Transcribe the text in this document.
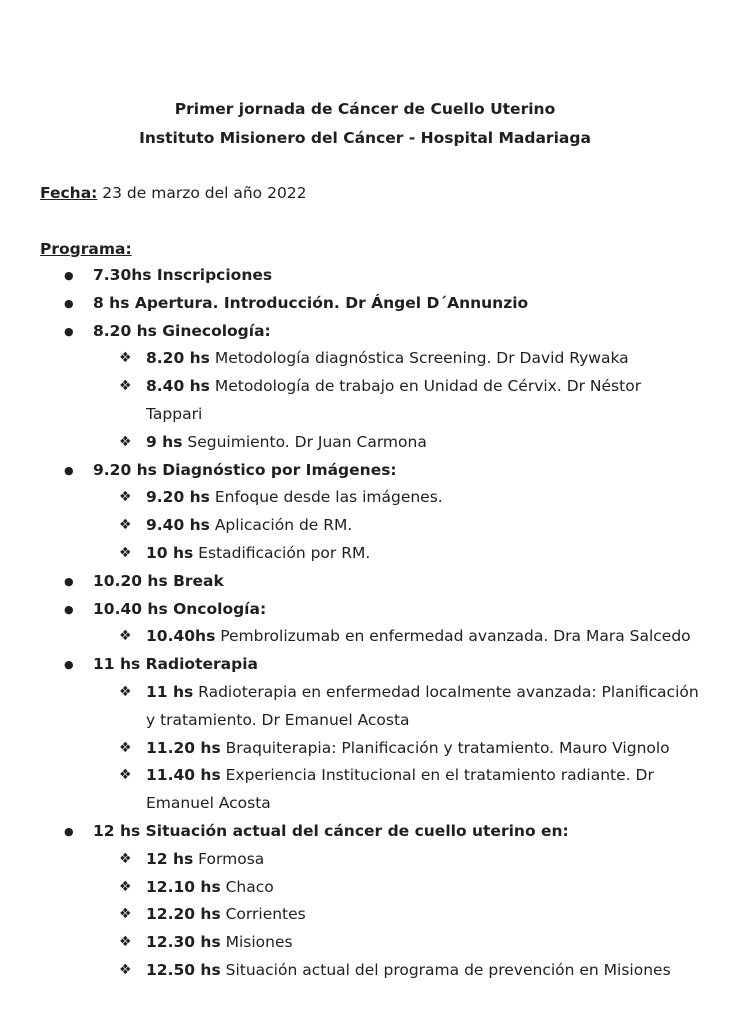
Primer jornada de Cáncer de Cuello Uterino
Instituto Misionero del Cáncer - Hospital Madariaga
Fecha: 23 de marzo del año 2022
Programa:
● 7.30hs Inscripciones
● 8 hs Apertura. Introducción. Dr Ángel D´Annunzio
● 8.20 hs Ginecología:
❖ 8.20 hs Metodología diagnóstica Screening. Dr David Rywaka
❖ 8.40 hs Metodología de trabajo en Unidad de Cérvix. Dr Néstor
Tappari
❖ 9 hs Seguimiento. Dr Juan Carmona
● 9.20 hs Diagnóstico por Imágenes:
❖ 9.20 hs Enfoque desde las imágenes.
❖ 9.40 hs Aplicación de RM.
❖ 10 hs Estadificación por RM.
● 10.20 hs Break
● 10.40 hs Oncología:
❖ 10.40hs Pembrolizumab en enfermedad avanzada. Dra Mara Salcedo
● 11 hs Radioterapia
❖ 11 hs Radioterapia en enfermedad localmente avanzada: Planificación
y tratamiento. Dr Emanuel Acosta
❖ 11.20 hs Braquiterapia: Planificación y tratamiento. Mauro Vignolo
❖ 11.40 hs Experiencia Institucional en el tratamiento radiante. Dr
Emanuel Acosta
● 12 hs Situación actual del cáncer de cuello uterino en:
❖ 12 hs Formosa
❖ 12.10 hs Chaco
❖ 12.20 hs Corrientes
❖ 12.30 hs Misiones
❖ 12.50 hs Situación actual del programa de prevención en Misiones
